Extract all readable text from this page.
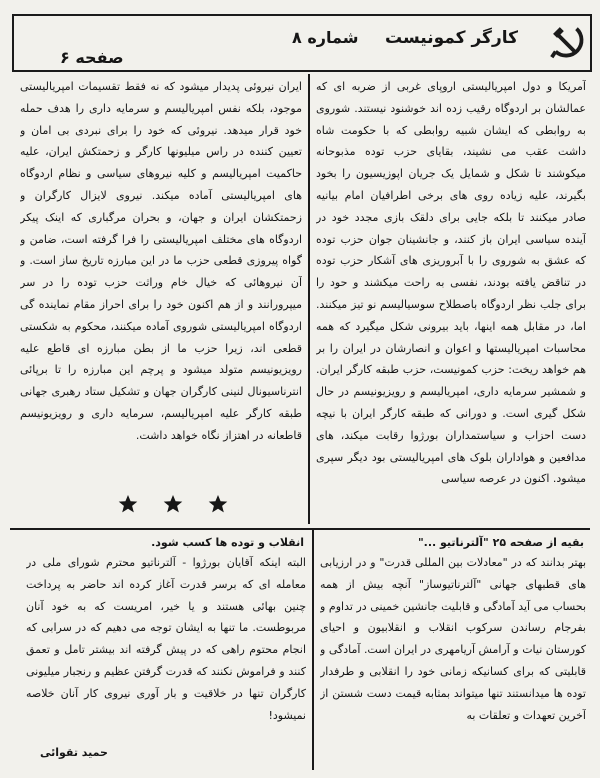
کارگر کمونیست
شماره ۸
صفحه ۶
آمریکا و دول امپریالیستی اروپای غربی از ضربه ای که عمالشان بر اردوگاه رقیب زده اند خوشنود نیستند. شوروی به روابطی که ایشان شبیه روابطی که با حکومت شاه داشت عقب می نشیند، بقایای حزب توده مذبوحانه میکوشند تا شکل و شمایل یک جریان اپوزیسیون را بخود بگیرند، علیه زیاده روی های برخی اطرافیان امام بیانیه صادر میکنند تا بلکه جایی برای دلقک بازی مجدد خود در آینده سیاسی ایران باز کنند، و جانشینان جوان حزب توده که عشق به شوروی را با آبروریزی های آشکار حزب توده در تناقض یافته بودند، نفسی به راحت میکشند و حود را برای جلب نظر اردوگاه باصطلاح سوسیالیسم نو تیز میکنند. اما، در مقابل همه اینها، باید بیرونی شکل میگیرد که همه محاسبات امپریالیستها و اعوان و انصارشان در ایران را بر هم خواهد ریخت: حزب کمونیست، حزب طبقه کارگر ایران. و شمشیر سرمایه داری، امپریالیسم و رویزیونیسم در حال شکل گیری است. و دورانی که طبقه کارگر ایران با نیچه دست احزاب و سیاستمداران بورژوا رقابت میکند، های مدافعین و هواداران بلوک های امپریالیستی بود دیگر سپری میشود. اکنون در عرصه سیاسی
ایران نیروئی پدیدار میشود که نه فقط تقسیمات امپریالیستی موجود، بلکه نفس امپریالیسم و سرمایه داری را هدف حمله خود قرار میدهد. نیروئی که خود را برای نبردی بی امان و تعیین کننده در راس میلیونها کارگر و زحمتکش ایران، علیه حاکمیت امپریالیسم و کلیه نیروهای سیاسی و نظام اردوگاه های امپریالیستی آماده میکند. نیروی لایزال کارگران و زحمتکشان ایران و جهان، و بحران مرگباری که اینک پیکر اردوگاه های مختلف امپریالیستی را فرا گرفته است، ضامن و گواه پیروزی قطعی حزب ما در این مبارزه تاریخ ساز است. و آن نیروهائی که خیال خام وراثت حزب توده را در سر میپرورانند و از هم اکنون خود را برای احراز مقام نماینده گی اردوگاه امپریالیستی شوروی آماده میکنند، محکوم به شکستی قطعی اند، زیرا حزب ما از بطن مبارزه ای قاطع علیه رویزیونیسم متولد میشود و پرچم این مبارزه را تا برپائی انترناسیونال لنینی کارگران جهان و تشکیل ستاد رهبری جهانی طبقه کارگر علیه امپریالیسم، سرمایه داری و رویزیونیسم قاطعانه در اهتزاز نگاه خواهد داشت.
بقیه از صفحه ۲۵ "آلترناتیو ..."
بهتر بدانند که در "معادلات بین المللی قدرت" و در ارزیابی های قطبهای جهانی "آلترناتیوساز" آنچه بیش از همه بحساب می آید آمادگی و قابلیت جانشین خمینی در تداوم و بفرجام رساندن سرکوب انقلاب و انقلابیون و احیای کورستان نیات و آرامش آریامهری در ایران است. آمادگی و قابلیتی که برای کسانیکه زمانی خود را انقلابی و طرفدار توده ها میدانستند تنها میتواند بمثابه قیمت دست شستن از آخرین تعهدات و تعلقات به
انقلاب و توده ها کسب شود.
البته اینکه آقایان بورژوا - آلترناتیو محترم شورای ملی در معامله ای که برسر قدرت آغاز کرده اند حاضر به پرداخت چنین بهائی هستند و یا خیر، امریست که به خود آنان مربوطست. ما تنها به ایشان توجه می دهیم که در سرابی که انجام محتوم راهی که در پیش گرفته اند بیشتر تامل و تعمق کنند و فراموش نکنند که قدرت گرفتن عظیم و رنجبار میلیونی کارگران تنها در خلاقیت و بار آوری نیروی کار آنان خلاصه نمیشود!
حمید تقوائی
